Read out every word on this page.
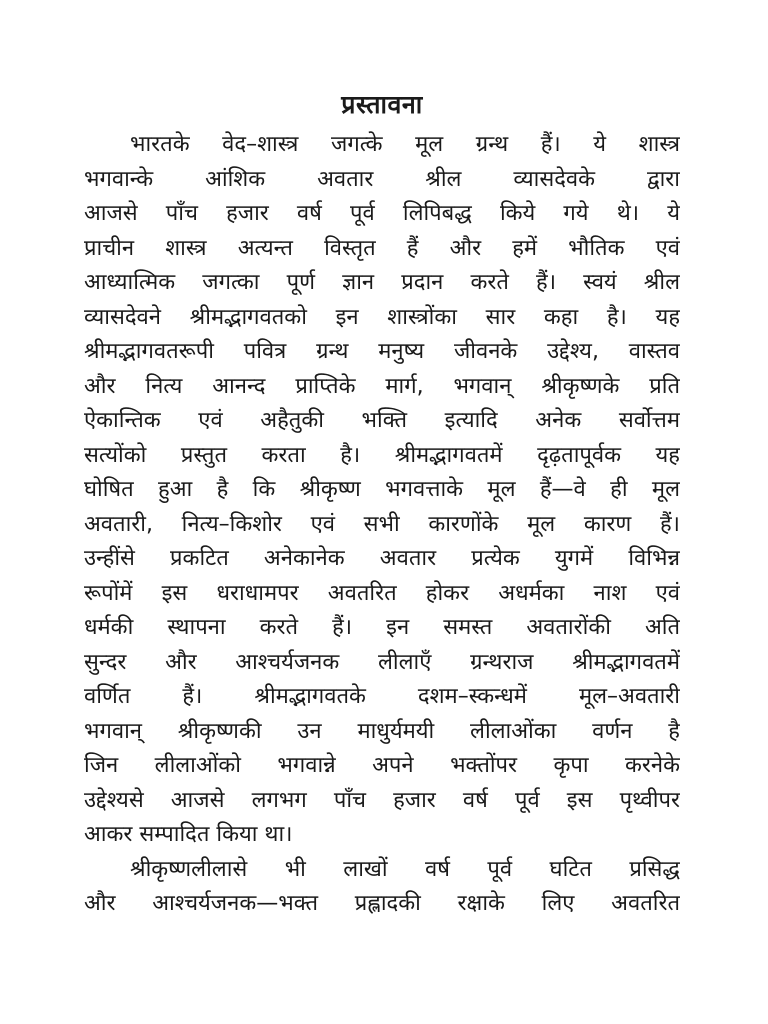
प्रस्तावना
भारतके वेद–शास्त्र जगत्के मूल ग्रन्थ हैं। ये शास्त्र
भगवान्के आंशिक अवतार श्रील व्यासदेवके द्वारा
आजसे पाँच हजार वर्ष पूर्व लिपिबद्ध किये गये थे। ये
प्राचीन शास्त्र अत्यन्त विस्तृत हैं और हमें भौतिक एवं
आध्यात्मिक जगत्का पूर्ण ज्ञान प्रदान करते हैं। स्वयं श्रील
व्यासदेवने श्रीमद्भागवतको इन शास्त्रोंका सार कहा है। यह
श्रीमद्भागवतरूपी पवित्र ग्रन्थ मनुष्य जीवनके उद्देश्य, वास्तव
और नित्य आनन्द प्राप्तिके मार्ग, भगवान् श्रीकृष्णके प्रति
ऐकान्तिक एवं अहैतुकी भक्ति इत्यादि अनेक सर्वोत्तम
सत्योंको प्रस्तुत करता है। श्रीमद्भागवतमें दृढ़तापूर्वक यह
घोषित हुआ है कि श्रीकृष्ण भगवत्ताके मूल हैं—वे ही मूल
अवतारी, नित्य–किशोर एवं सभी कारणोंके मूल कारण हैं।
उन्हींसे प्रकटित अनेकानेक अवतार प्रत्येक युगमें विभिन्न
रूपोंमें इस धराधामपर अवतरित होकर अधर्मका नाश एवं
धर्मकी स्थापना करते हैं। इन समस्त अवतारोंकी अति
सुन्दर और आश्चर्यजनक लीलाएँ ग्रन्थराज श्रीमद्भागवतमें
वर्णित हैं। श्रीमद्भागवतके दशम–स्कन्धमें मूल–अवतारी
भगवान् श्रीकृष्णकी उन माधुर्यमयी लीलाओंका वर्णन है
जिन लीलाओंको भगवान्ने अपने भक्तोंपर कृपा करनेके
उद्देश्यसे आजसे लगभग पाँच हजार वर्ष पूर्व इस पृथ्वीपर
आकर सम्पादित किया था।
श्रीकृष्णलीलासे भी लाखों वर्ष पूर्व घटित प्रसिद्ध
और आश्चर्यजनक—भक्त प्रह्लादकी रक्षाके लिए अवतरित
